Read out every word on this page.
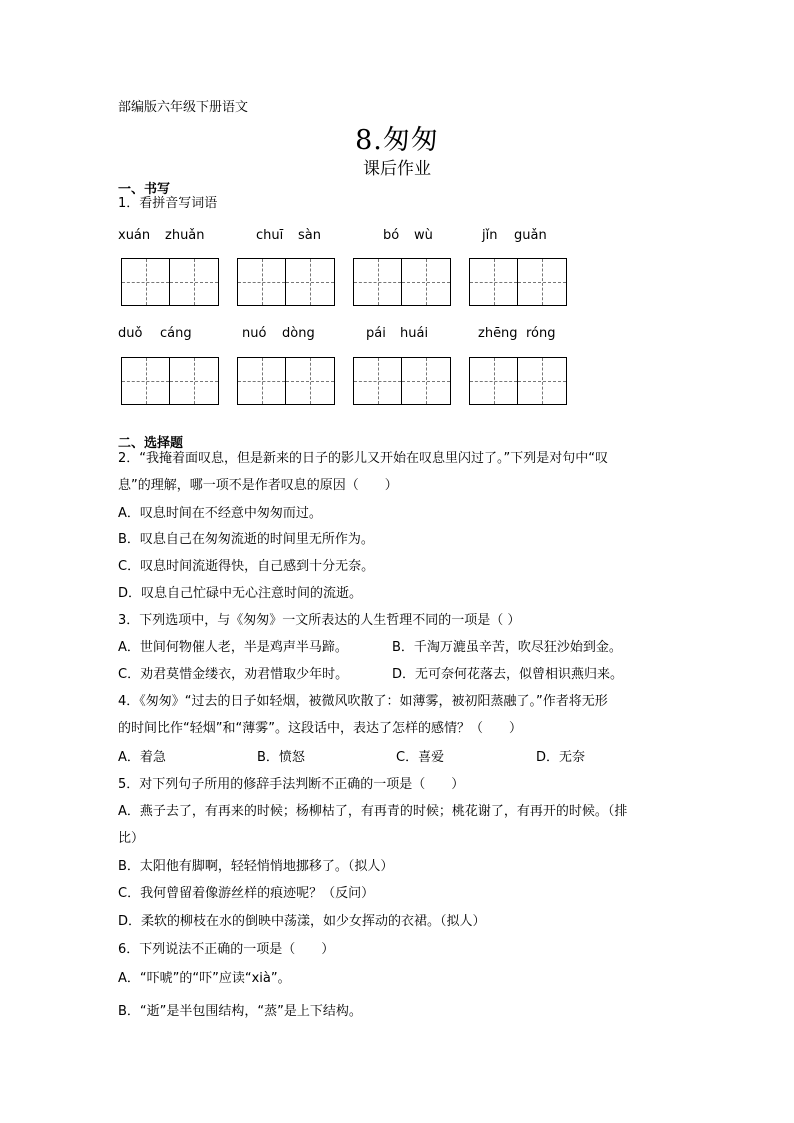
部编版六年级下册语文
8.匆匆
课后作业
一、书写
1．看拼音写词语
xuán zhuǎn	chuī sàn	bó wù	jǐn guǎn
duǒ cáng	nuó dòng	pái huái	zhēng róng
二、选择题
2．“我掩着面叹息，但是新来的日子的影儿又开始在叹息里闪过了。”下列是对句中“叹
息”的理解，哪一项不是作者叹息的原因（　　）
A．叹息时间在不经意中匆匆而过。
B．叹息自己在匆匆流逝的时间里无所作为。
C．叹息时间流逝得快，自己感到十分无奈。
D．叹息自己忙碌中无心注意时间的流逝。
3．下列选项中，与《匆匆》一文所表达的人生哲理不同的一项是（ ）
A．世间何物催人老，半是鸡声半马蹄。	B．千淘万漉虽辛苦，吹尽狂沙始到金。
C．劝君莫惜金缕衣，劝君惜取少年时。	D．无可奈何花落去，似曾相识燕归来。
4．《匆匆》“过去的日子如轻烟，被微风吹散了：如薄雾，被初阳蒸融了。”作者将无形
的时间比作“轻烟”和“薄雾”。这段话中，表达了怎样的感情？（　　）
A．着急	B．愤怒	C．喜爱	D．无奈
5．对下列句子所用的修辞手法判断不正确的一项是（　　）
A．燕子去了，有再来的时候；杨柳枯了，有再青的时候；桃花谢了，有再开的时候。（排
比）
B．太阳他有脚啊，轻轻悄悄地挪移了。（拟人）
C．我何曾留着像游丝样的痕迹呢？（反问）
D．柔软的柳枝在水的倒映中荡漾，如少女挥动的衣裙。（拟人）
6．下列说法不正确的一项是（　　）
A．“吓唬”的“吓”应读“xià”。
B．“逝”是半包围结构，“蒸”是上下结构。
